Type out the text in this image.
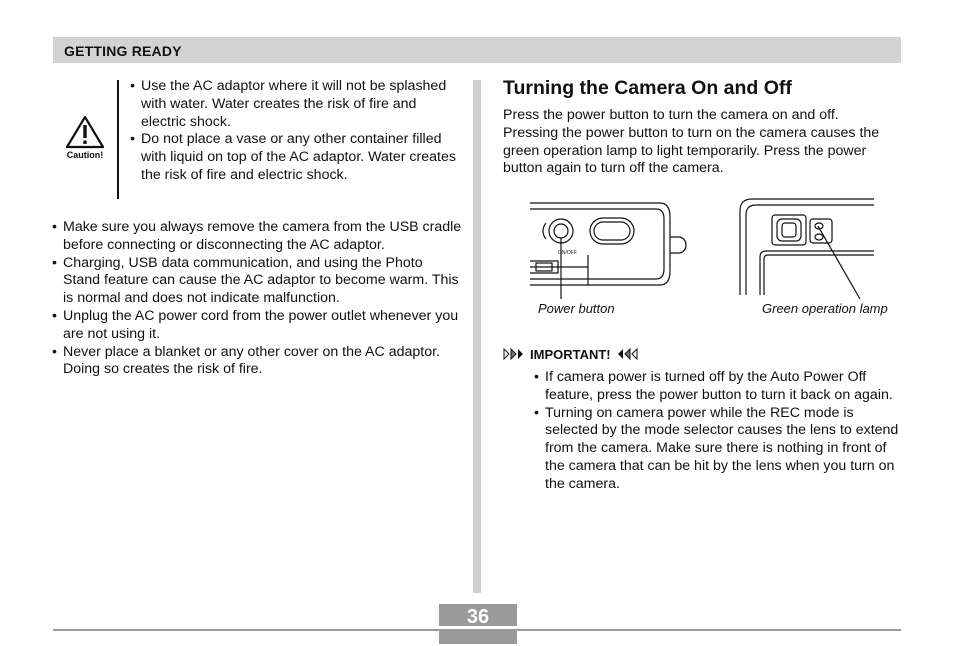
GETTING READY
Caution!
• Use the AC adaptor where it will not be splashed with water. Water creates the risk of fire and electric shock.
• Do not place a vase or any other container filled with liquid on top of the AC adaptor. Water creates the risk of fire and electric shock.
• Make sure you always remove the camera from the USB cradle before connecting or disconnecting the AC adaptor.
• Charging, USB data communication, and using the Photo Stand feature can cause the AC adaptor to become warm. This is normal and does not indicate malfunction.
• Unplug the AC power cord from the power outlet whenever you are not using it.
• Never place a blanket or any other cover on the AC adaptor. Doing so creates the risk of fire.
Turning the Camera On and Off
Press the power button to turn the camera on and off. Pressing the power button to turn on the camera causes the green operation lamp to light temporarily. Press the power button again to turn off the camera.
ON/OFF
Power button	Green operation lamp
IMPORTANT!
• If camera power is turned off by the Auto Power Off feature, press the power button to turn it back on again.
• Turning on camera power while the REC mode is selected by the mode selector causes the lens to extend from the camera. Make sure there is nothing in front of the camera that can be hit by the lens when you turn on the camera.
36
